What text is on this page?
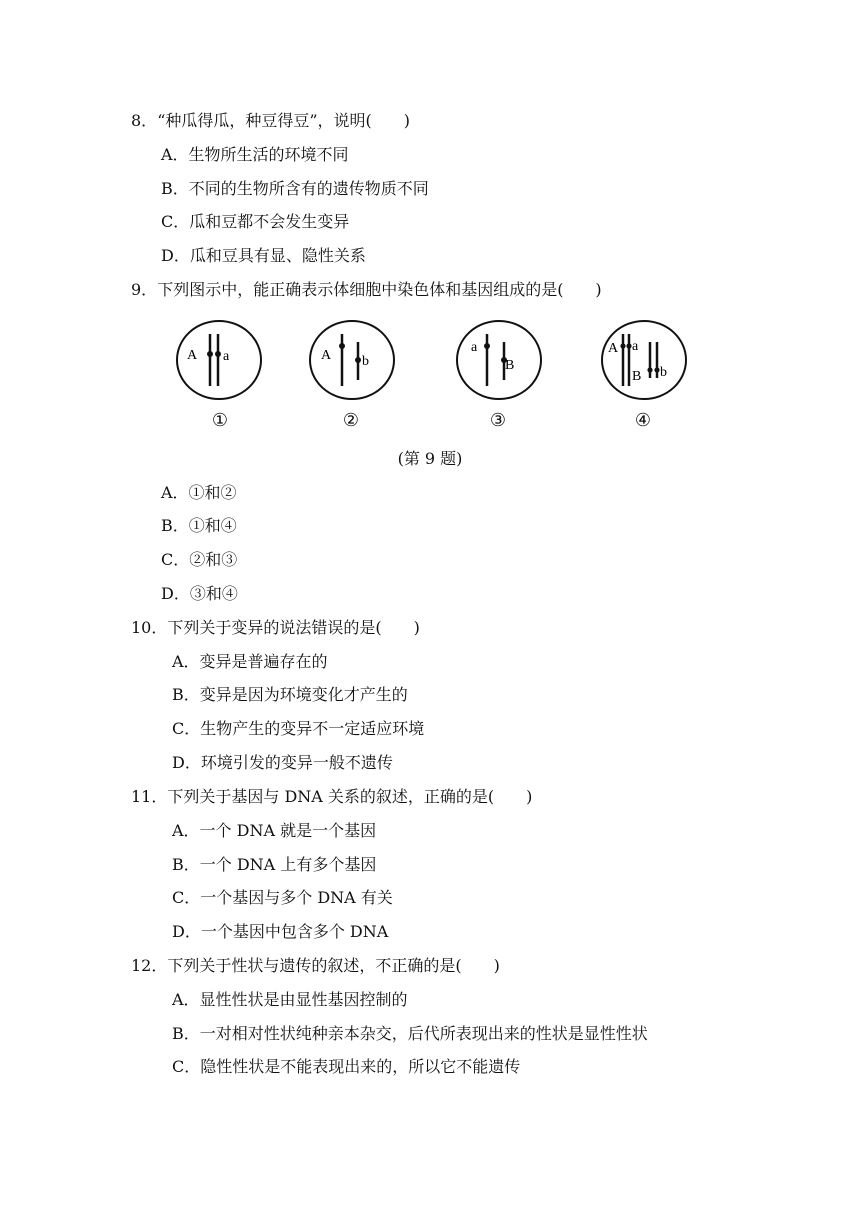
8．“种瓜得瓜，种豆得豆”，说明(　　)
A．生物所生活的环境不同
B．不同的生物所含有的遗传物质不同
C．瓜和豆都不会发生变异
D．瓜和豆具有显、隐性关系
9．下列图示中，能正确表示体细胞中染色体和基因组成的是(　　)
A a
①
A b
②
a
B
③
A a
B b
④
(第 9 题)
A．①和②
B．①和④
C．②和③
D．③和④
10．下列关于变异的说法错误的是(　　)
A．变异是普遍存在的
B．变异是因为环境变化才产生的
C．生物产生的变异不一定适应环境
D．环境引发的变异一般不遗传
11．下列关于基因与 DNA 关系的叙述，正确的是(　　)
A．一个 DNA 就是一个基因
B．一个 DNA 上有多个基因
C．一个基因与多个 DNA 有关
D．一个基因中包含多个 DNA
12．下列关于性状与遗传的叙述，不正确的是(　　)
A．显性性状是由显性基因控制的
B．一对相对性状纯种亲本杂交，后代所表现出来的性状是显性性状
C．隐性性状是不能表现出来的，所以它不能遗传
